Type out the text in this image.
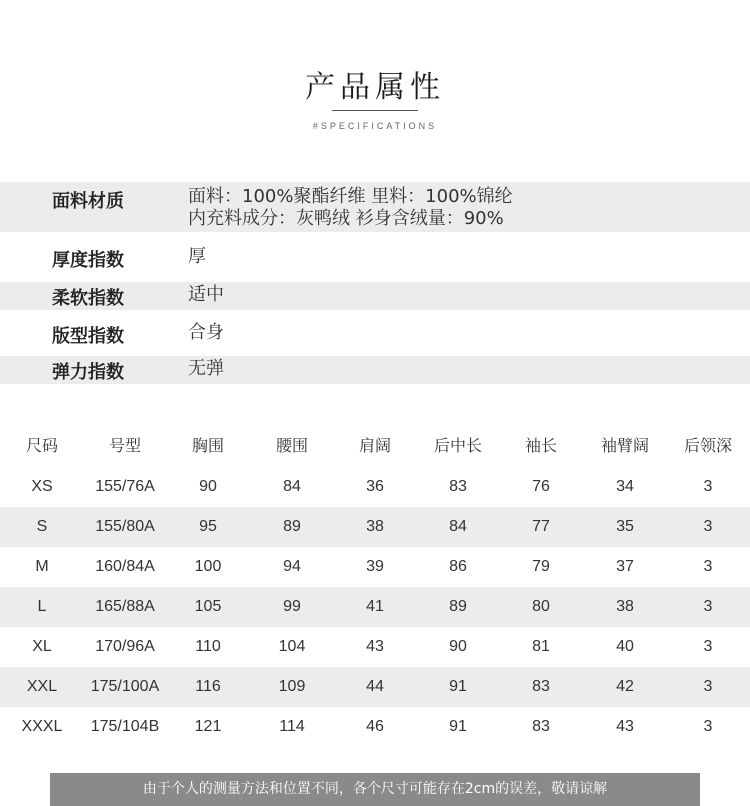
产品属性
#SPECIFICATIONS
面料材质	面料：100%聚酯纤维 里料：100%锦纶
内充料成分：灰鸭绒 衫身含绒量：90%
厚度指数	厚
柔软指数	适中
版型指数	合身
弹力指数	无弹
尺码	号型	胸围	腰围	肩阔	后中长	袖长	袖臂阔	后领深
XS	155/76A	90	84	36	83	76	34	3
S	155/80A	95	89	38	84	77	35	3
M	160/84A	100	94	39	86	79	37	3
L	165/88A	105	99	41	89	80	38	3
XL	170/96A	110	104	43	90	81	40	3
XXL	175/100A	116	109	44	91	83	42	3
XXXL	175/104B	121	114	46	91	83	43	3
由于个人的测量方法和位置不同，各个尺寸可能存在2cm的误差，敬请谅解
